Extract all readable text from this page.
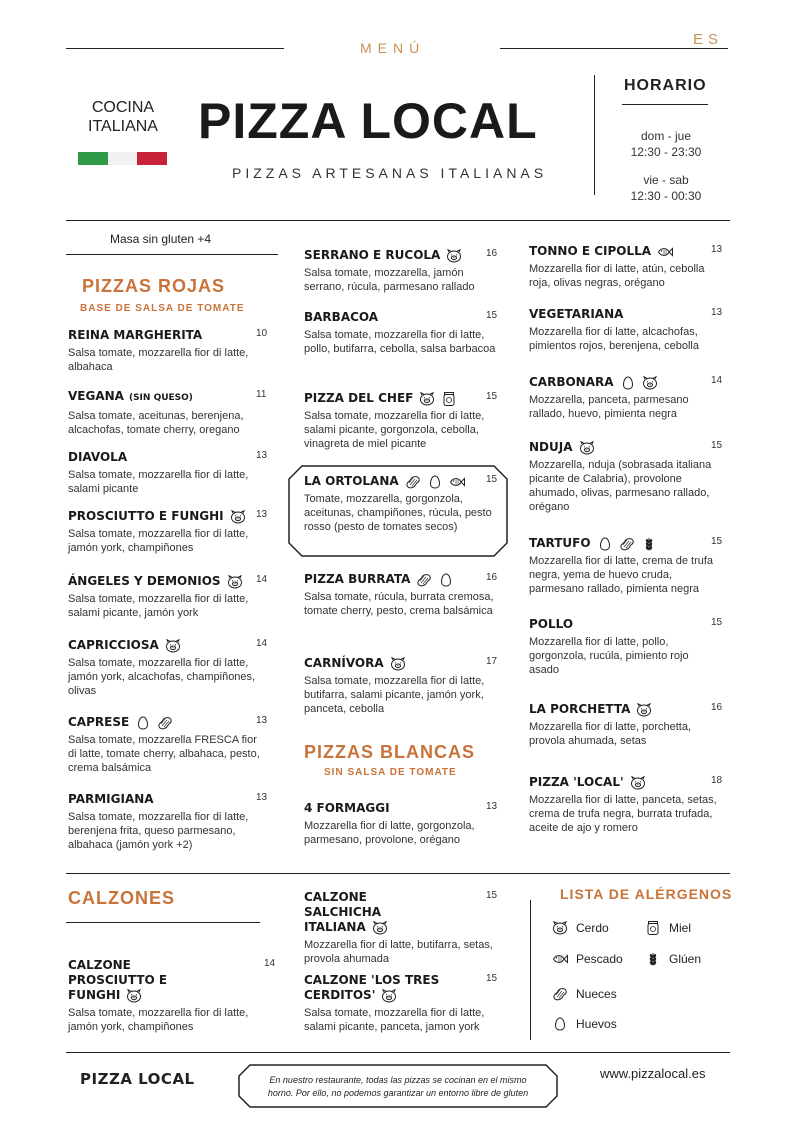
MENÚ	ES
COCINA
ITALIANA PIZZA LOCAL
PIZZAS ARTESANAS ITALIANAS
HORARIO
dom - jue
12:30 - 23:30
vie - sab
12:30 - 00:30
Masa sin gluten +4
PIZZAS ROJAS
BASE DE SALSA DE TOMATE
REINA MARGHERITA	10
Salsa tomate, mozzarella fior di latte, albahaca
VEGANA (SIN QUESO)	11
Salsa tomate, aceitunas, berenjena, alcachofas, tomate cherry, oregano
DIAVOLA	13
Salsa tomate, mozzarella fior di latte, salami picante
PROSCIUTTO E FUNGHI	13
Salsa tomate, mozzarella fior di latte, jamón york, champiñones
ÁNGELES Y DEMONIOS	14
Salsa tomate, mozzarella fior di latte, salami picante, jamón york
CAPRICCIOSA	14
Salsa tomate, mozzarella fior di latte, jamón york, alcachofas, champiñones, olivas
CAPRESE	13
Salsa tomate, mozzarella FRESCA fior di latte, tomate cherry, albahaca, pesto, crema balsámica
PARMIGIANA	13
Salsa tomate, mozzarella fior di latte, berenjena frita, queso parmesano, albahaca (jamón york +2)
SERRANO E RUCOLA	16
Salsa tomate, mozzarella, jamón serrano, rúcula, parmesano rallado
BARBACOA	15
Salsa tomate, mozzarella fior di latte, pollo, butifarra, cebolla, salsa barbacoa
PIZZA DEL CHEF	15
Salsa tomate, mozzarella fior di latte, salami picante, gorgonzola, cebolla, vinagreta de miel picante
LA ORTOLANA	15
Tomate, mozzarella, gorgonzola, aceitunas, champiñones, rúcula, pesto rosso (pesto de tomates secos)
PIZZA BURRATA	16
Salsa tomate, rúcula, burrata cremosa, tomate cherry, pesto, crema balsámica
CARNÍVORA	17
Salsa tomate, mozzarella fior di latte, butifarra, salami picante, jamón york, panceta, cebolla
PIZZAS BLANCAS
SIN SALSA DE TOMATE
4 FORMAGGI	13
Mozzarella fior di latte, gorgonzola, parmesano, provolone, orégano
TONNO E CIPOLLA	13
Mozzarella fior di latte, atún, cebolla roja, olivas negras, orégano
VEGETARIANA	13
Mozzarella fior di latte, alcachofas, pimientos rojos, berenjena, cebolla
CARBONARA	14
Mozzarella, panceta, parmesano rallado, huevo, pimienta negra
NDUJA	15
Mozzarella, nduja (sobrasada italiana picante de Calabria), provolone ahumado, olivas, parmesano rallado, orégano
TARTUFO	15
Mozzarella fior di latte, crema de trufa negra, yema de huevo cruda, parmesano rallado, pimienta negra
POLLO	15
Mozzarella fior di latte, pollo, gorgonzola, rucúla, pimiento rojo asado
LA PORCHETTA	16
Mozzarella fior di latte, porchetta, provola ahumada, setas
PIZZA 'LOCAL'	18
Mozzarella fior di latte, panceta, setas, crema de trufa negra, burrata trufada, aceite de ajo y romero
CALZONES
CALZONE PROSCIUTTO E FUNGHI
14
Salsa tomate, mozzarella fior di latte, jamón york, champiñones
CALZONE SALCHICHA ITALIANA
15
Mozzarella fior di latte, butifarra, setas, provola ahumada
CALZONE 'LOS TRES CERDITOS'
15
Salsa tomate, mozzarella fior di latte, salami picante, panceta, jamon york
LISTA DE ALÉRGENOS
Cerdo	Miel
Pescado	Glúen
Nueces
Huevos
PIZZA LOCAL	En nuestro restaurante, todas las pizzas se cocinan en el mismo
horno. Por ello, no podemos garantizar un entorno libre de gluten
www.pizzalocal.es
